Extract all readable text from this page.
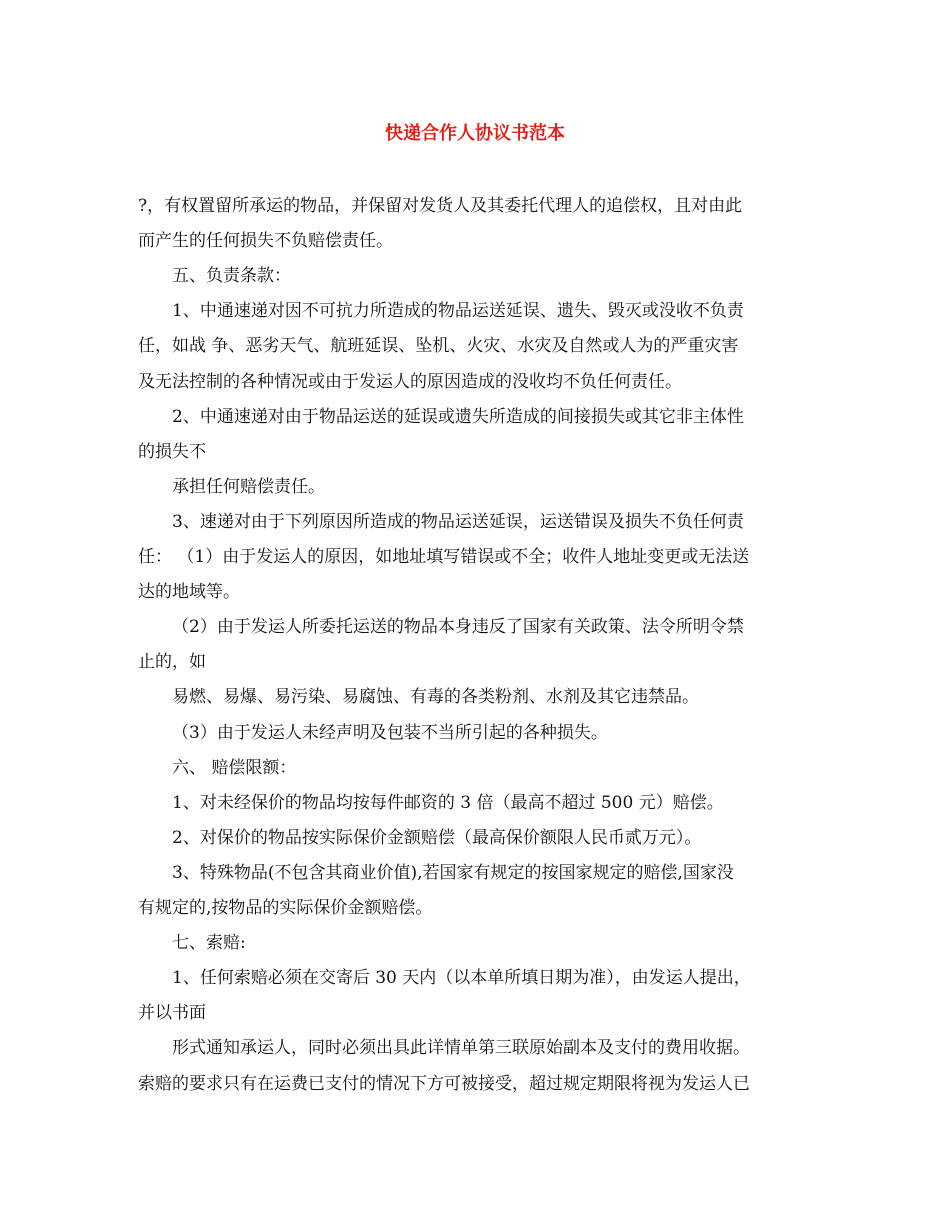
快递合作人协议书范本
?，有权置留所承运的物品，并保留对发货人及其委托代理人的追偿权，且对由此
而产生的任何损失不负赔偿责任。
五、负责条款：
1、中通速递对因不可抗力所造成的物品运送延误、遗失、毁灭或没收不负责
任，如战 争、恶劣天气、航班延误、坠机、火灾、水灾及自然或人为的严重灾害
及无法控制的各种情况或由于发运人的原因造成的没收均不负任何责任。
2、中通速递对由于物品运送的延误或遗失所造成的间接损失或其它非主体性
的损失不
承担任何赔偿责任。
3、速递对由于下列原因所造成的物品运送延误，运送错误及损失不负任何责
任： （1）由于发运人的原因，如地址填写错误或不全；收件人地址变更或无法送
达的地域等。
（2）由于发运人所委托运送的物品本身违反了国家有关政策、法令所明令禁
止的，如
易燃、易爆、易污染、易腐蚀、有毒的各类粉剂、水剂及其它违禁品。
（3）由于发运人未经声明及包装不当所引起的各种损失。
六、 赔偿限额：
1、对未经保价的物品均按每件邮资的 3 倍（最高不超过 500 元）赔偿。
2、对保价的物品按实际保价金额赔偿（最高保价额限人民币贰万元）。
3、特殊物品(不包含其商业价值),若国家有规定的按国家规定的赔偿,国家没
有规定的,按物品的实际保价金额赔偿。
七、索赔:
1、任何索赔必须在交寄后 30 天内（以本单所填日期为准），由发运人提出，
并以书面
形式通知承运人，同时必须出具此详情单第三联原始副本及支付的费用收据。
索赔的要求只有在运费已支付的情况下方可被接受，超过规定期限将视为发运人已
